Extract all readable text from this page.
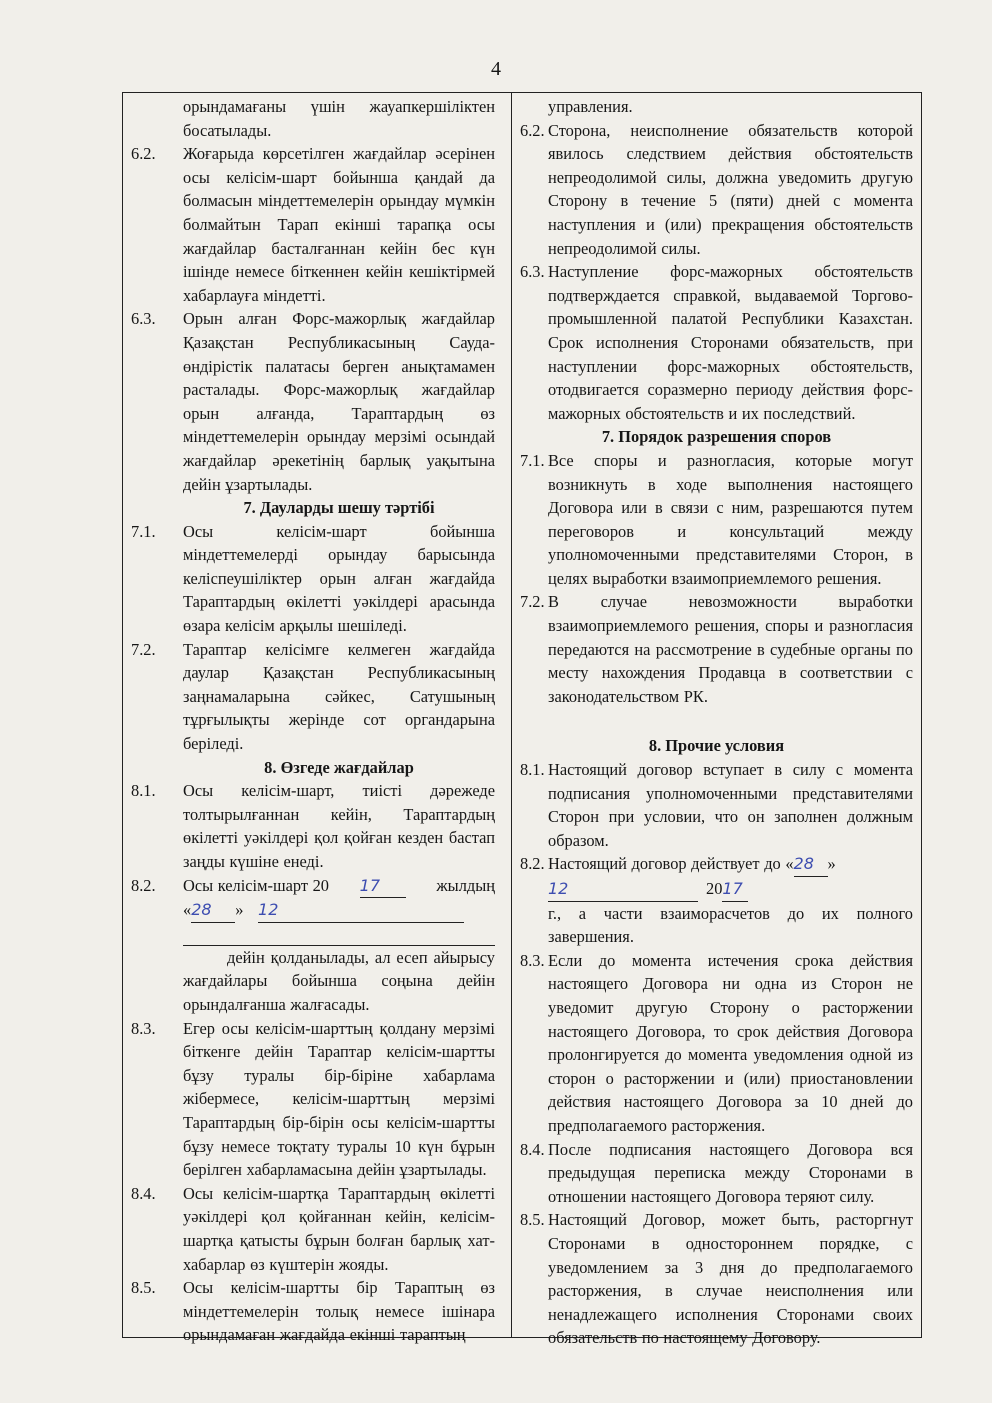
4
орындамағаны үшін жауапкершіліктен босатылады.
6.2.	Жоғарыда көрсетілген жағдайлар әсерінен осы келісім-шарт бойынша қандай да болмасын міндеттемелерін орындау мүмкін болмайтын Тарап екінші тарапқа осы жағдайлар басталғаннан кейін бес күн ішінде немесе біткеннен кейін кешіктірмей хабарлауға міндетті.
6.3.	Орын алған Форс-мажорлық жағдайлар Қазақстан Республикасының Сауда-өндірістік палатасы берген анықтамамен расталады. Форс-мажорлық жағдайлар орын алғанда, Тараптардың өз міндеттемелерін орындау мерзімі осындай жағдайлар әрекетінің барлық уақытына дейін ұзартылады.
7. Дауларды шешу тәртібі
7.1.	Осы келісім-шарт бойынша міндеттемелерді орындау барысында келіспеушіліктер орын алған жағдайда Тараптардың өкілетті уәкілдері арасында өзара келісім арқылы шешіледі.
7.2.	Тараптар келісімге келмеген жағдайда даулар Қазақстан Республикасының заңнамаларына сәйкес, Сатушының тұрғылықты жерінде сот органдарына беріледі.
8. Өзгеде жағдайлар
8.1.	Осы келісім-шарт, тиісті дәрежеде толтырылғаннан кейін, Тараптардың өкілетті уәкілдері қол қойған кезден бастап заңды күшіне енеді.
8.2.	Осы келісім-шарт 20 17	жылдың
«28 » 12
дейін қолданылады, ал есеп айырысу жағдайлары бойынша соңына дейін орындалғанша жалғасады.
8.3.	Егер осы келісім-шарттың қолдану мерзімі біткенге дейін Тараптар келісім-шартты бұзу туралы бір-біріне хабарлама жібермесе, келісім-шарттың мерзімі Тараптардың бір-бірін осы келісім-шартты бұзу немесе тоқтату туралы 10 күн бұрын берілген хабарламасына дейін ұзартылады.
8.4.	Осы келісім-шартқа Тараптардың өкілетті уәкілдері қол қойғаннан кейін, келісім-шартқа қатысты бұрын болған барлық хат-хабарлар өз күштерін жояды.
8.5.	Осы келісім-шартты бір Тараптың өз міндеттемелерін толық немесе ішінара орындамаған жағдайда екінші тараптың
управления.
6.2. Сторона, неисполнение обязательств которой явилось следствием действия обстоятельств непреодолимой силы, должна уведомить другую Сторону в течение 5 (пяти) дней с момента наступления и (или) прекращения обстоятельств непреодолимой силы.
6.3. Наступление форс-мажорных обстоятельств подтверждается справкой, выдаваемой Торгово-промышленной палатой Республики Казахстан. Срок исполнения Сторонами обязательств, при наступлении форс-мажорных обстоятельств, отодвигается соразмерно периоду действия форс-мажорных обстоятельств и их последствий.
7. Порядок разрешения споров
7.1. Все споры и разногласия, которые могут возникнуть в ходе выполнения настоящего Договора или в связи с ним, разрешаются путем переговоров и консультаций между уполномоченными представителями Сторон, в целях выработки взаимоприемлемого решения.
7.2. В случае невозможности выработки взаимоприемлемого решения, споры и разногласия передаются на рассмотрение в судебные органы по месту нахождения Продавца в соответствии с законодательством РК.
8. Прочие условия
8.1. Настоящий договор вступает в силу с момента подписания уполномоченными представителями Сторон при условии, что он заполнен должным образом.
8.2. Настоящий договор действует до «28 »
12	20 17
г., а части взаиморасчетов до их полного завершения.
8.3. Если до момента истечения срока действия настоящего Договора ни одна из Сторон не уведомит другую Сторону о расторжении настоящего Договора, то срок действия Договора пролонгируется до момента уведомления одной из сторон о расторжении и (или) приостановлении действия настоящего Договора за 10 дней до предполагаемого расторжения.
8.4. После подписания настоящего Договора вся предыдущая переписка между Сторонами в отношении настоящего Договора теряют силу.
8.5. Настоящий Договор, может быть, расторгнут Сторонами в одностороннем порядке, с уведомлением за 3 дня до предполагаемого расторжения, в случае неисполнения или ненадлежащего исполнения Сторонами своих обязательств по настоящему Договору.
